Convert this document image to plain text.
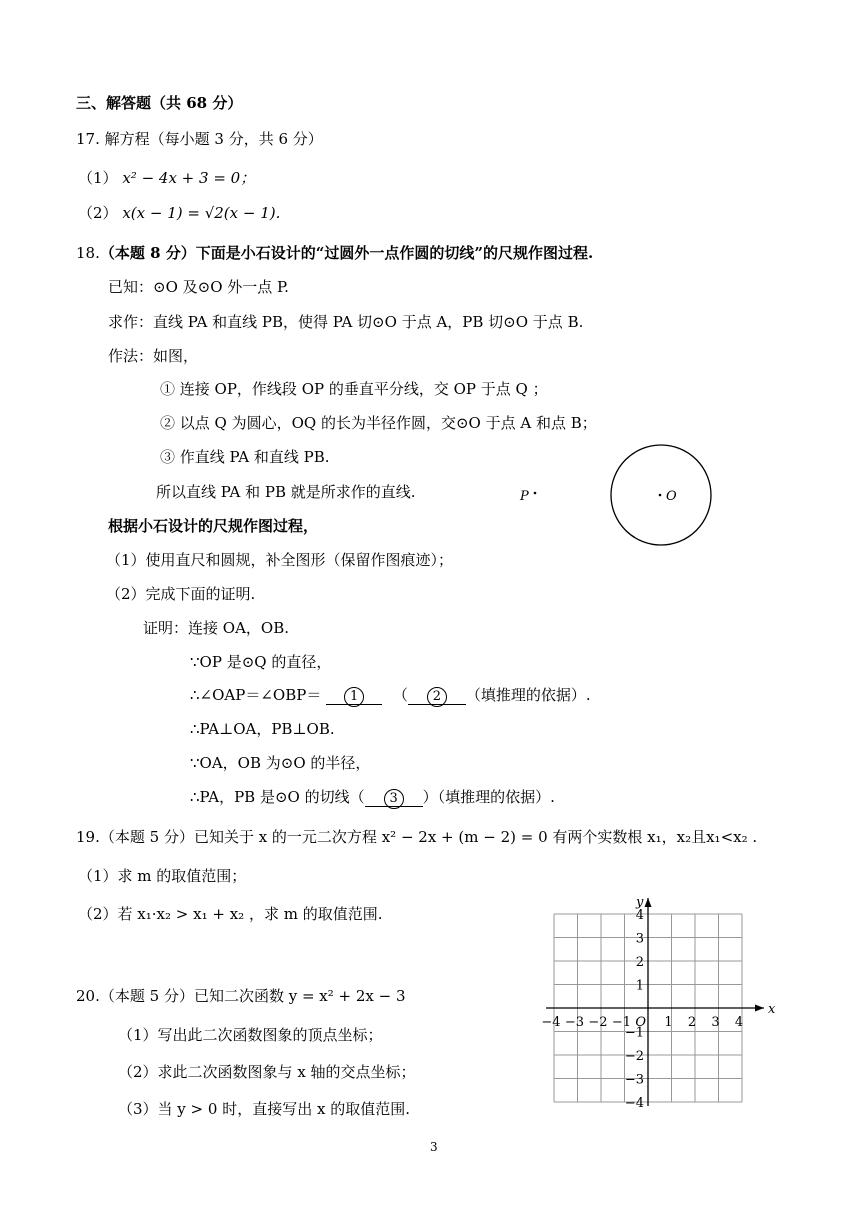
三、解答题（共 68 分）
17. 解方程（每小题 3 分，共 6 分）
（1） x² − 4x + 3 = 0；
（2） x(x − 1) = √2(x − 1).
18.（本题 8 分）下面是小石设计的“过圆外一点作圆的切线”的尺规作图过程.
已知：⊙O 及⊙O 外一点 P.
求作：直线 PA 和直线 PB，使得 PA 切⊙O 于点 A，PB 切⊙O 于点 B.
作法：如图，
① 连接 OP，作线段 OP 的垂直平分线，交 OP 于点 Q ；
② 以点 Q 为圆心，OQ 的长为半径作圆，交⊙O 于点 A 和点 B；
③ 作直线 PA 和直线 PB.
所以直线 PA 和 PB 就是所求作的直线.	O
P
根据小石设计的尺规作图过程，
（1）使用直尺和圆规，补全图形（保留作图痕迹）；
（2）完成下面的证明.
证明：连接 OA，OB.
∵OP 是⊙Q 的直径，
∴∠OAP＝∠OBP＝ 1 （ 2 （填推理的依据）.
∴PA⊥OA，PB⊥OB.
∵OA，OB 为⊙O 的半径，
∴PA，PB 是⊙O 的切线（ 3 ）（填推理的依据）.
19.（本题 5 分）已知关于 x 的一元二次方程 x² − 2x + (m − 2) = 0 有两个实数根 x₁，x₂且x₁<x₂ .
（1）求 m 的取值范围；
（2）若 x₁·x₂ > x₁ + x₂ ，求 m 的取值范围.
20.（本题 5 分）已知二次函数 y = x² + 2x − 3
（1）写出此二次函数图象的顶点坐标；
（2）求此二次函数图象与 x 轴的交点坐标；
（3）当 y > 0 时，直接写出 x 的取值范围.
−4 −3 −2 −1	1 2 3 4
4
3
2
1
−1
−2
−3
−4
O
x
y
3
